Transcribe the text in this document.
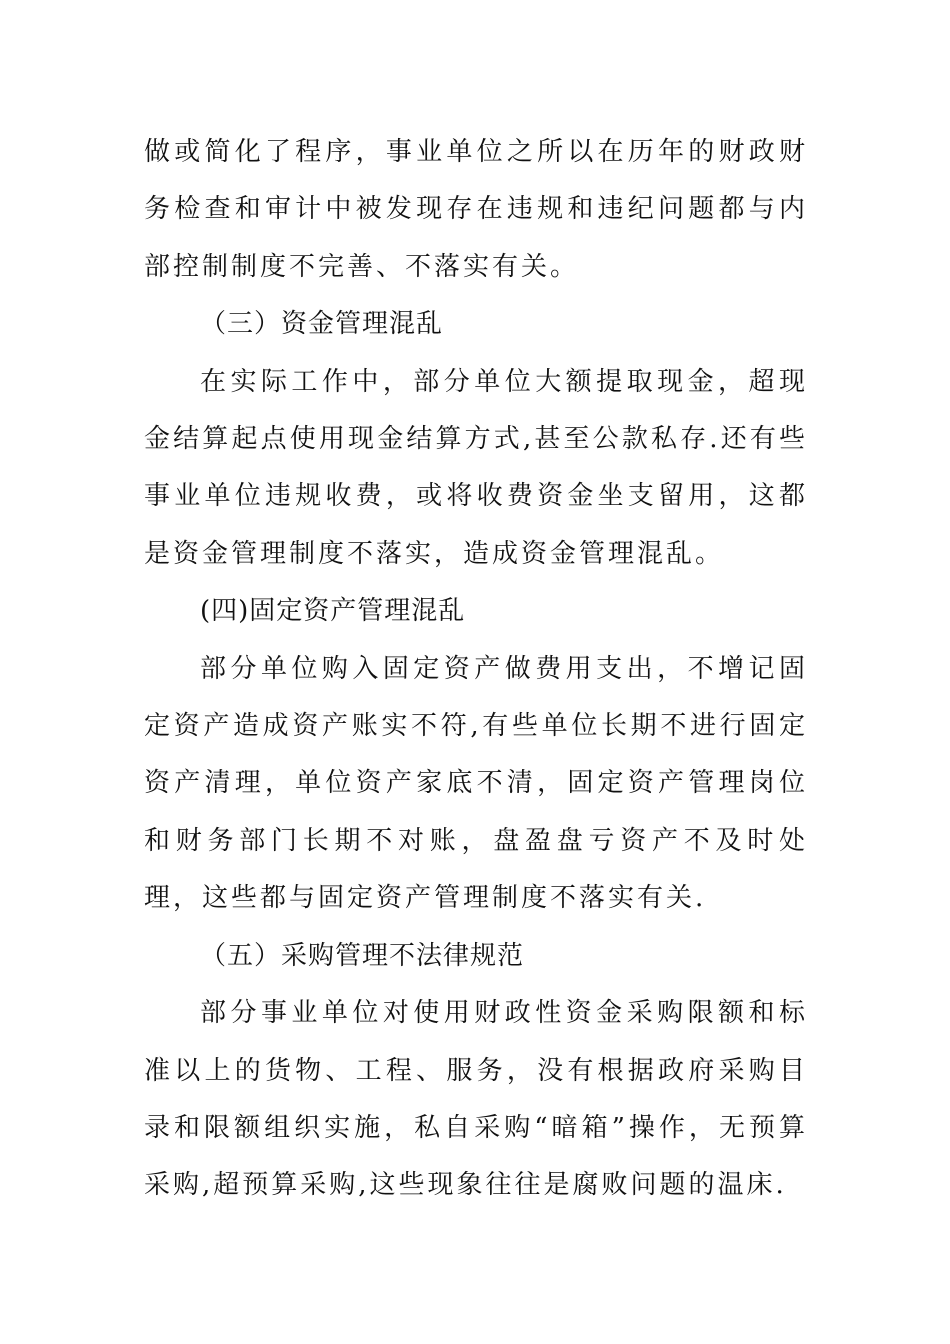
做或简化了程序，事业单位之所以在历年的财政财务检查和审计中被发现存在违规和违纪问题都与内部控制制度不完善、不落实有关。

（三）资金管理混乱

在实际工作中，部分单位大额提取现金，超现金结算起点使用现金结算方式,甚至公款私存.还有些事业单位违规收费，或将收费资金坐支留用，这都是资金管理制度不落实，造成资金管理混乱。

(四)固定资产管理混乱

部分单位购入固定资产做费用支出，不增记固定资产造成资产账实不符,有些单位长期不进行固定资产清理，单位资产家底不清，固定资产管理岗位和财务部门长期不对账，盘盈盘亏资产不及时处理，这些都与固定资产管理制度不落实有关.

（五）采购管理不法律规范

部分事业单位对使用财政性资金采购限额和标准以上的货物、工程、服务，没有根据政府采购目录和限额组织实施，私自采购“暗箱”操作，无预算采购,超预算采购,这些现象往往是腐败问题的温床.
